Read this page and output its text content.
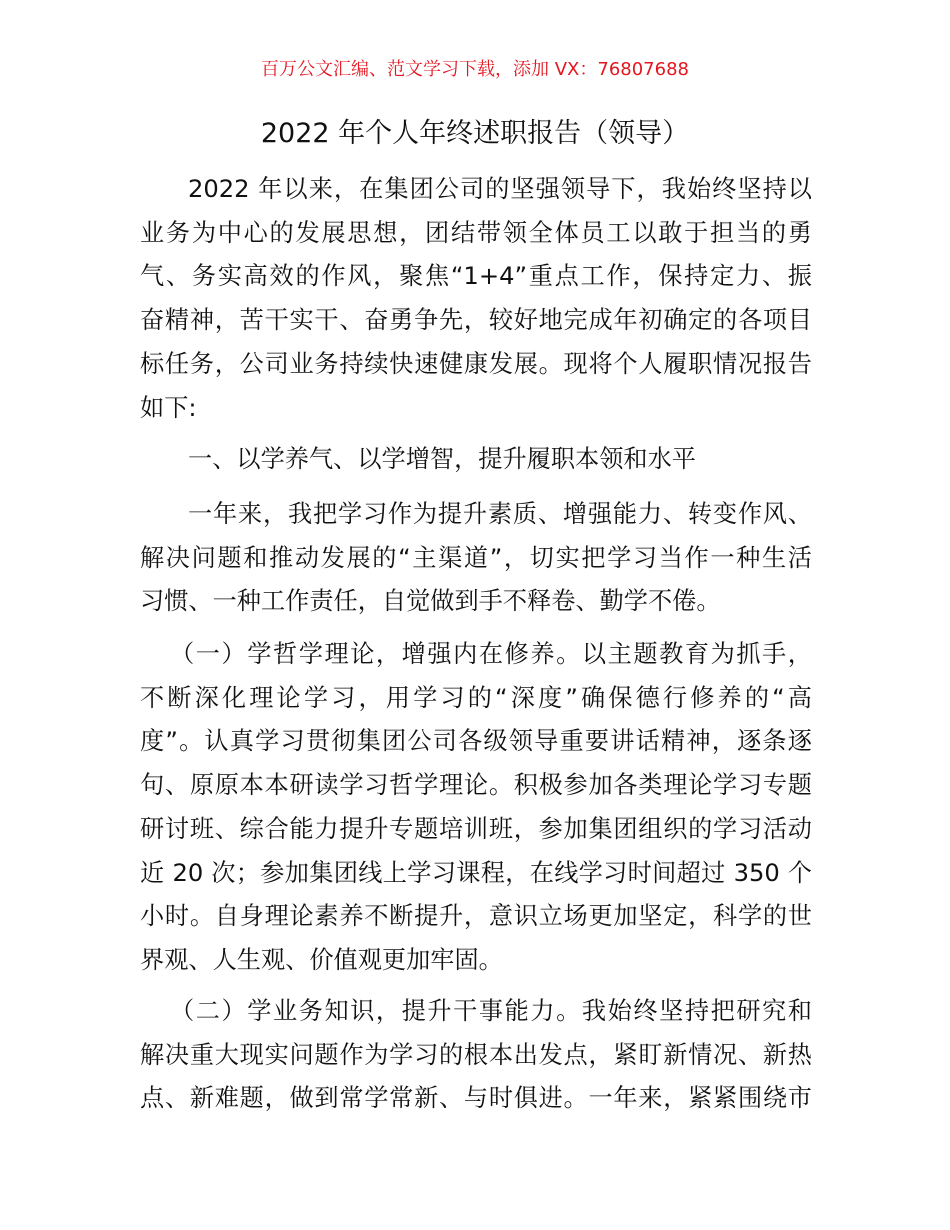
百万公文汇编、范文学习下载，添加 VX：76807688
2022 年个人年终述职报告（领导）
2022 年以来，在集团公司的坚强领导下，我始终坚持以
业务为中心的发展思想，团结带领全体员工以敢于担当的勇
气、务实高效的作风，聚焦“1+4”重点工作，保持定力、振
奋精神，苦干实干、奋勇争先，较好地完成年初确定的各项目
标任务，公司业务持续快速健康发展。现将个人履职情况报告
如下:
一、以学养气、以学增智，提升履职本领和水平
一年来，我把学习作为提升素质、增强能力、转变作风、
解决问题和推动发展的“主渠道”，切实把学习当作一种生活
习惯、一种工作责任，自觉做到手不释卷、勤学不倦。
（一）学哲学理论，增强内在修养。以主题教育为抓手，
不断深化理论学习，用学习的“深度”确保德行修养的“高
度”。认真学习贯彻集团公司各级领导重要讲话精神，逐条逐
句、原原本本研读学习哲学理论。积极参加各类理论学习专题
研讨班、综合能力提升专题培训班，参加集团组织的学习活动
近 20 次；参加集团线上学习课程，在线学习时间超过 350 个
小时。自身理论素养不断提升，意识立场更加坚定，科学的世
界观、人生观、价值观更加牢固。
（二）学业务知识，提升干事能力。我始终坚持把研究和
解决重大现实问题作为学习的根本出发点，紧盯新情况、新热
点、新难题，做到常学常新、与时俱进。一年来，紧紧围绕市
